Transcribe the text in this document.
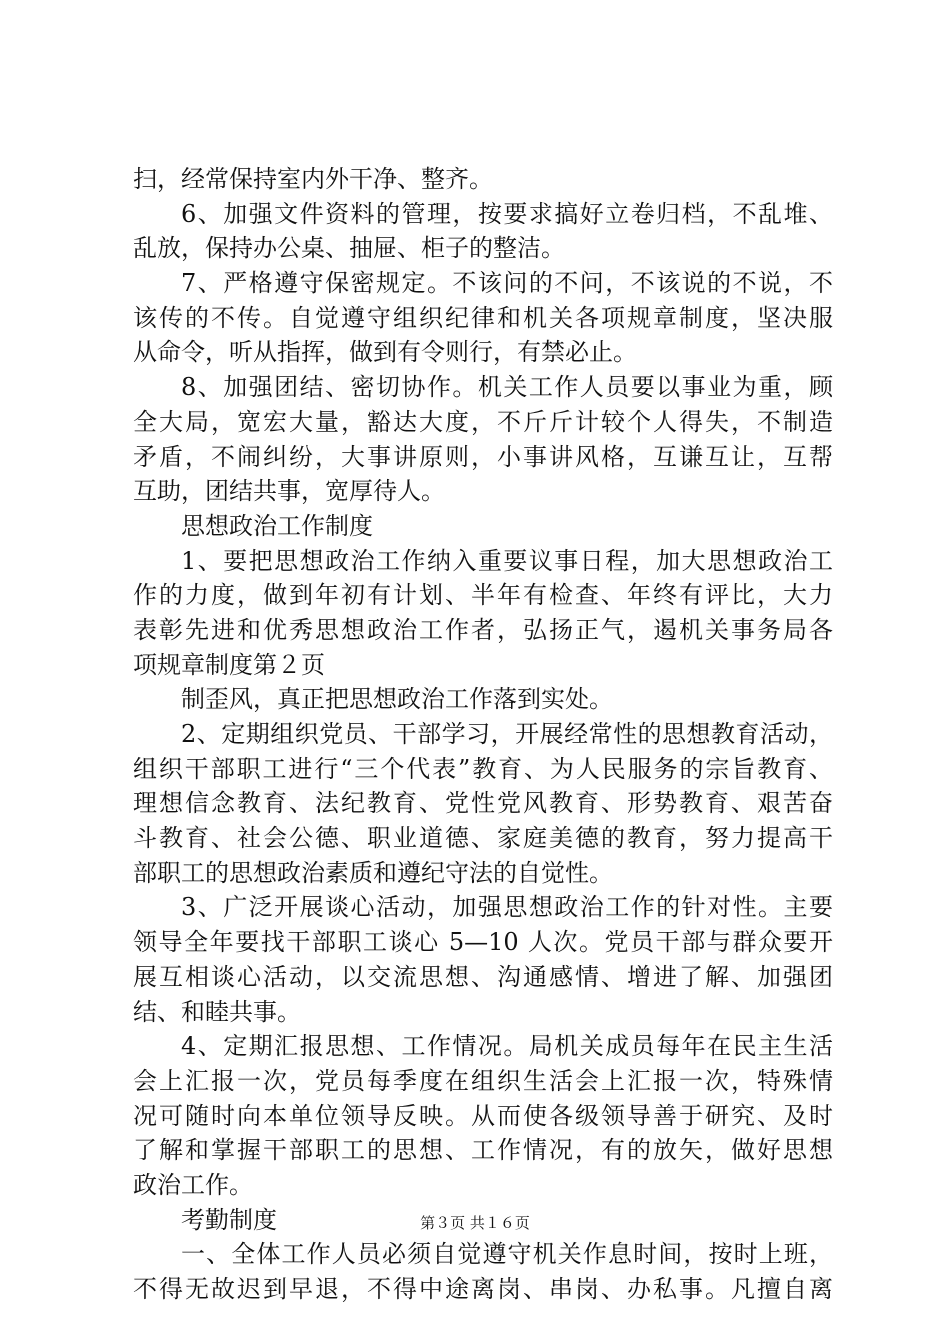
扫，经常保持室内外干净、整齐。
6、加强文件资料的管理，按要求搞好立卷归档，不乱堆、
乱放，保持办公桌、抽屉、柜子的整洁。
7、严格遵守保密规定。不该问的不问，不该说的不说，不
该传的不传。自觉遵守组织纪律和机关各项规章制度，坚决服
从命令，听从指挥，做到有令则行，有禁必止。
8、加强团结、密切协作。机关工作人员要以事业为重，顾
全大局，宽宏大量，豁达大度，不斤斤计较个人得失，不制造
矛盾，不闹纠纷，大事讲原则，小事讲风格，互谦互让，互帮
互助，团结共事，宽厚待人。
思想政治工作制度
1、要把思想政治工作纳入重要议事日程，加大思想政治工
作的力度，做到年初有计划、半年有检查、年终有评比，大力
表彰先进和优秀思想政治工作者，弘扬正气，遏机关事务局各
项规章制度第２页
制歪风，真正把思想政治工作落到实处。
2、定期组织党员、干部学习，开展经常性的思想教育活动，
组织干部职工进行“三个代表”教育、为人民服务的宗旨教育、
理想信念教育、法纪教育、党性党风教育、形势教育、艰苦奋
斗教育、社会公德、职业道德、家庭美德的教育，努力提高干
部职工的思想政治素质和遵纪守法的自觉性。
3、广泛开展谈心活动，加强思想政治工作的针对性。主要
领导全年要找干部职工谈心 5—10 人次。党员干部与群众要开
展互相谈心活动，以交流思想、沟通感情、增进了解、加强团
结、和睦共事。
4、定期汇报思想、工作情况。局机关成员每年在民主生活
会上汇报一次，党员每季度在组织生活会上汇报一次，特殊情
况可随时向本单位领导反映。从而使各级领导善于研究、及时
了解和掌握干部职工的思想、工作情况，有的放矢，做好思想
政治工作。
考勤制度
一、全体工作人员必须自觉遵守机关作息时间，按时上班，
不得无故迟到早退，不得中途离岗、串岗、办私事。凡擅自离
第３页 共１６页
